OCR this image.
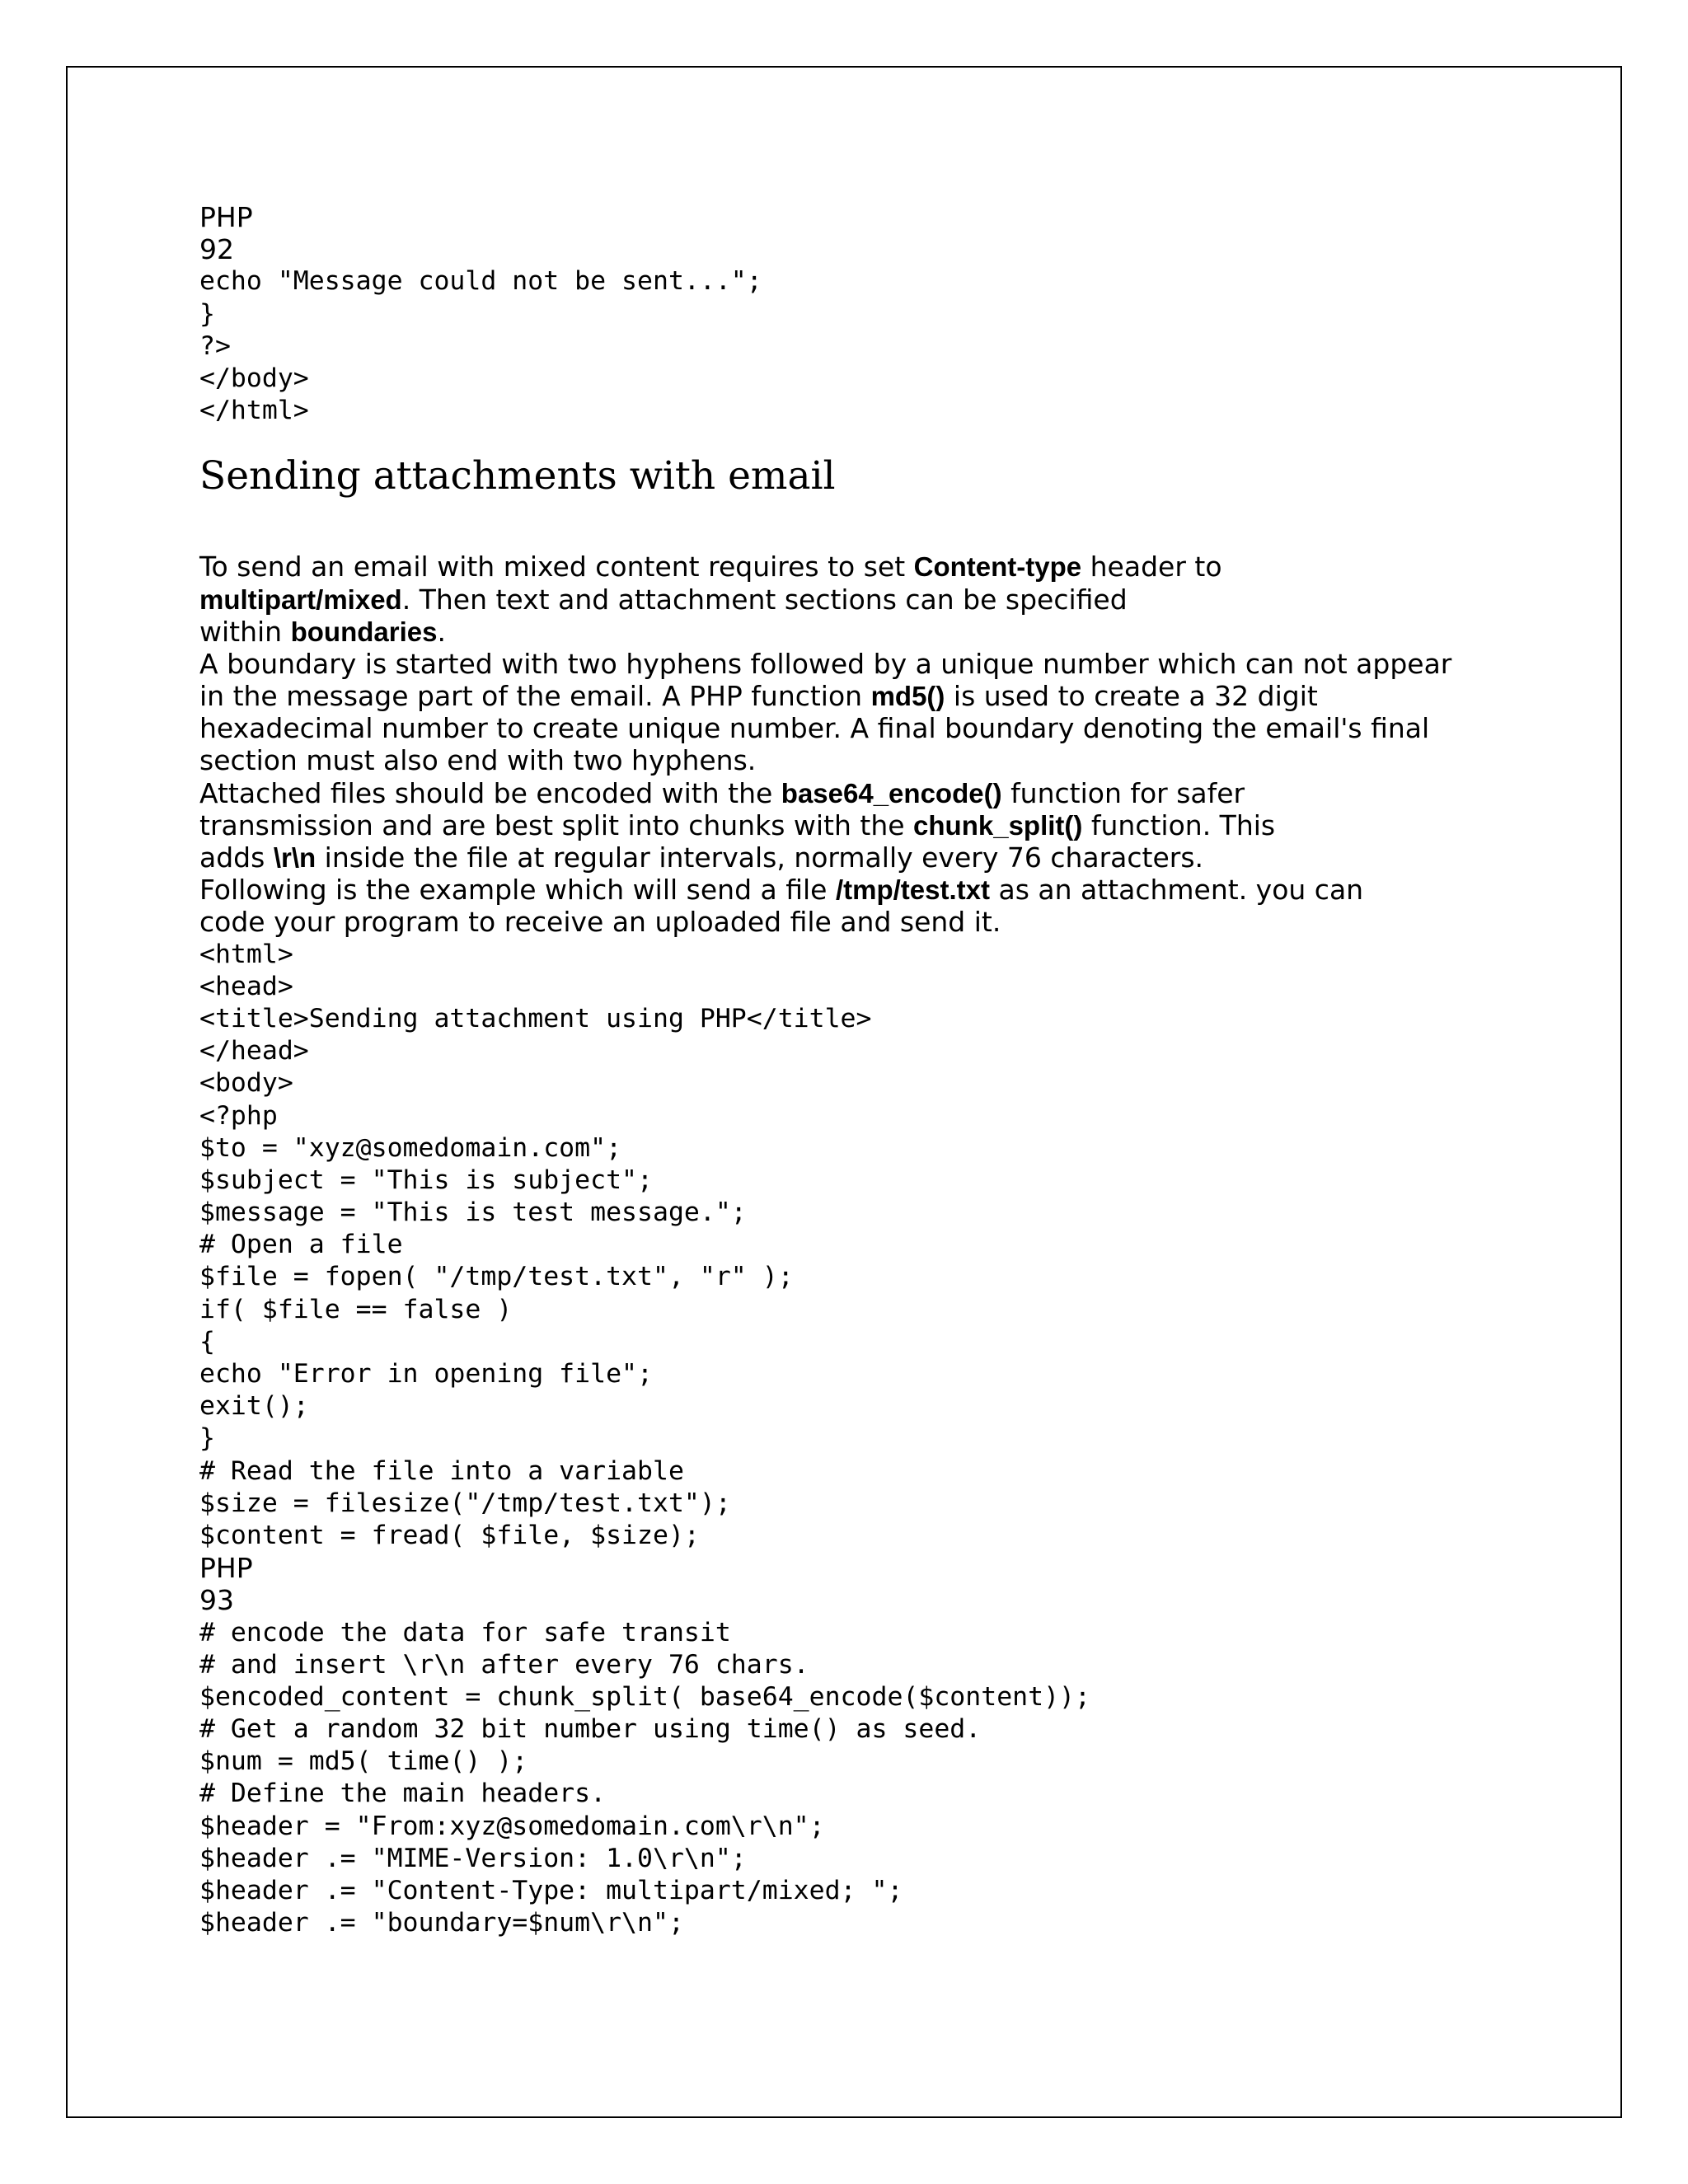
PHP
92
echo "Message could not be sent...";
}
?>
</body>
</html>
Sending attachments with email
To send an email with mixed content requires to set Content-type header to
multipart/mixed. Then text and attachment sections can be specified
within boundaries.
A boundary is started with two hyphens followed by a unique number which can not appear
in the message part of the email. A PHP function md5() is used to create a 32 digit
hexadecimal number to create unique number. A final boundary denoting the email's final
section must also end with two hyphens.
Attached files should be encoded with the base64_encode() function for safer
transmission and are best split into chunks with the chunk_split() function. This
adds \r\n inside the file at regular intervals, normally every 76 characters.
Following is the example which will send a file /tmp/test.txt as an attachment. you can
code your program to receive an uploaded file and send it.
<html>
<head>
<title>Sending attachment using PHP</title>
</head>
<body>
<?php
$to = "xyz@somedomain.com";
$subject = "This is subject";
$message = "This is test message.";
# Open a file
$file = fopen( "/tmp/test.txt", "r" );
if( $file == false )
{
echo "Error in opening file";
exit();
}
# Read the file into a variable
$size = filesize("/tmp/test.txt");
$content = fread( $file, $size);
PHP
93
# encode the data for safe transit
# and insert \r\n after every 76 chars.
$encoded_content = chunk_split( base64_encode($content));
# Get a random 32 bit number using time() as seed.
$num = md5( time() );
# Define the main headers.
$header = "From:xyz@somedomain.com\r\n";
$header .= "MIME-Version: 1.0\r\n";
$header .= "Content-Type: multipart/mixed; ";
$header .= "boundary=$num\r\n";
